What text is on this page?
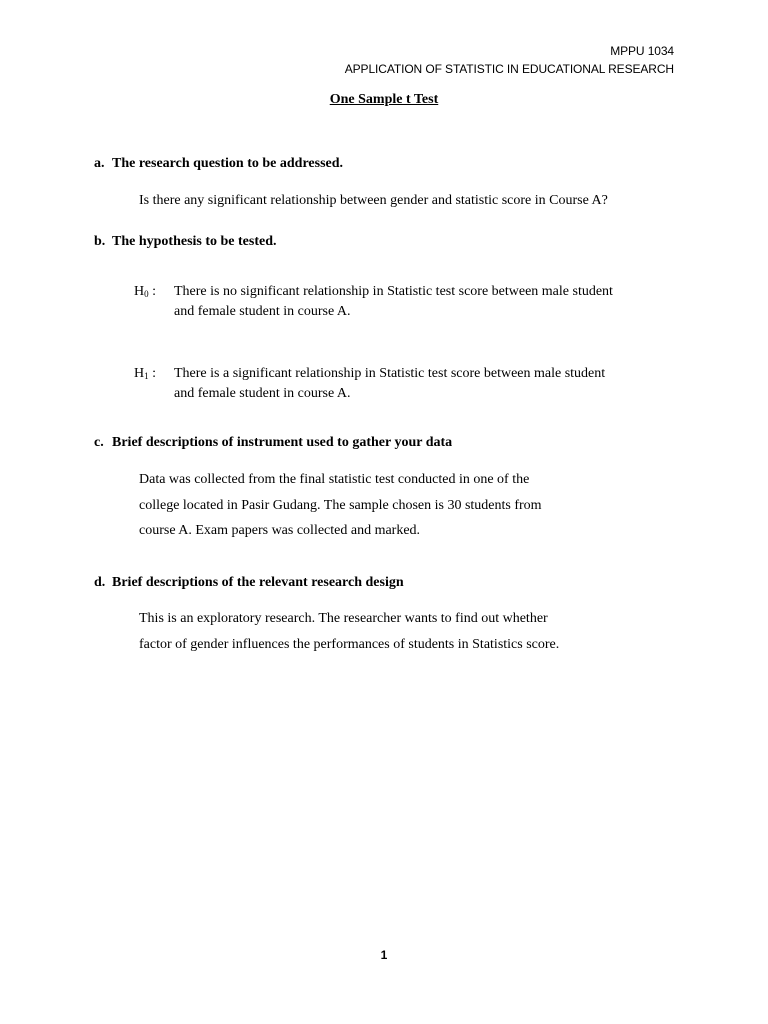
MPPU 1034
APPLICATION OF STATISTIC IN EDUCATIONAL RESEARCH
One Sample t Test
a. The research question to be addressed.
Is there any significant relationship between gender and statistic score in Course A?
b. The hypothesis to be tested.
$H_0$ : There is no significant relationship in Statistic test score between male student
and female student in course A.
$H_1$ : There is a significant relationship in Statistic test score between male student
and female student in course A.
c. Brief descriptions of instrument used to gather your data
Data was collected from the final statistic test conducted in one of the
college located in Pasir Gudang. The sample chosen is 30 students from
course A. Exam papers was collected and marked.
d. Brief descriptions of the relevant research design
This is an exploratory research. The researcher wants to find out whether
factor of gender influences the performances of students in Statistics score.
1
